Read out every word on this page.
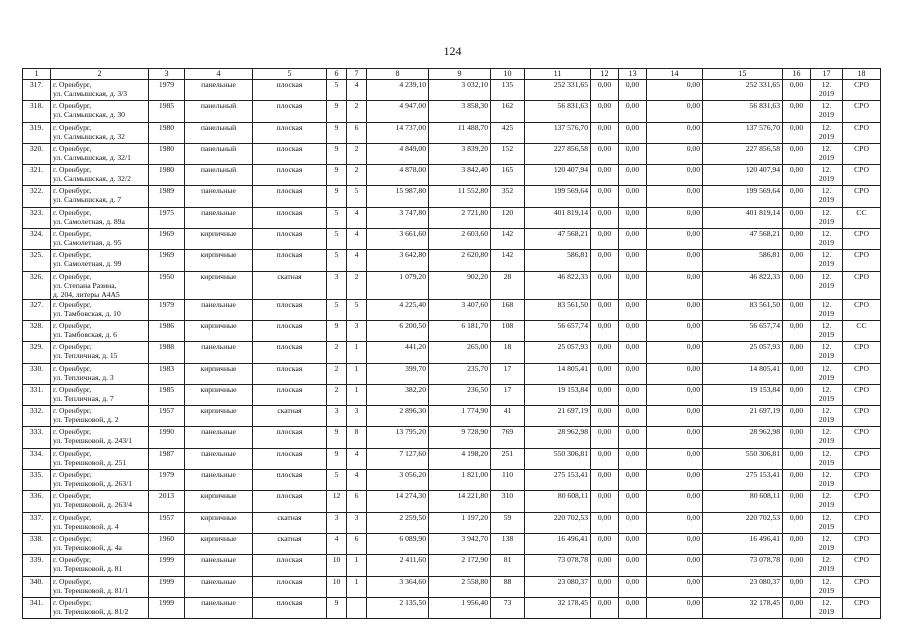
124
1	2	3	4	5	6	7	8	9	10	11	12	13	14	15	16	17	18
317.	г. Оренбург,
ул. Салмышская, д. 3/3	1979	панельные	плоская	5	4	4 239,10	3 032,10	135	252 331,65	0,00	0,00	0,00	252 331,65	0,00	12.
2019	СРО
318.	г. Оренбург,
ул. Салмышская, д. 30	1985	панельный	плоская	9	2	4 947,00	3 858,30	162	56 831,63	0,00	0,00	0,00	56 831,63	0,00	12.
2019	СРО
319.	г. Оренбург,
ул. Салмышская, д. 32	1980	панельный	плоская	9	6	14 737,00	11 488,70	425	137 576,70	0,00	0,00	0,00	137 576,70	0,00	12.
2019	СРО
320.	г. Оренбург,
ул. Салмышская, д. 32/1	1980	панельный	плоская	9	2	4 849,00	3 839,20	152	227 856,58	0,00	0,00	0,00	227 856,58	0,00	12.
2019	СРО
321.	г. Оренбург,
ул. Салмышская, д. 32/2	1980	панельный	плоская	9	2	4 878,00	3 842,40	165	120 407,94	0,00	0,00	0,00	120 407,94	0,00	12.
2019	СРО
322.	г. Оренбург,
ул. Салмышская, д. 7	1989	панельные	плоская	9	5	15 987,80	11 552,80	352	199 569,64	0,00	0,00	0,00	199 569,64	0,00	12.
2019	СРО
323.	г. Оренбург,
ул. Самолетная, д. 89а	1975	панельные	плоская	5	4	3 747,80	2 721,80	120	401 819,14	0,00	0,00	0,00	401 819,14	0,00	12.
2019	СС
324.	г. Оренбург,
ул. Самолетная, д. 95	1969	кирпичные	плоская	5	4	3 661,60	2 603,60	142	47 568,21	0,00	0,00	0,00	47 568,21	0,00	12.
2019	СРО
325.	г. Оренбург,
ул. Самолетная, д. 99	1969	кирпичные	плоская	5	4	3 642,80	2 620,80	142	586,81	0,00	0,00	0,00	586,81	0,00	12.
2019	СРО
326.	г. Оренбург,
ул. Степана Разина,
д. 204, литеры А4А5	1950	кирпичные	скатная	3	2	1 079,20	902,20	28	46 822,33	0,00	0,00	0,00	46 822,33	0,00	12.
2019	СРО
327.	г. Оренбург,
ул. Тамбовская, д. 10	1979	панельные	плоская	5	5	4 225,40	3 407,60	168	83 561,50	0,00	0,00	0,00	83 561,50	0,00	12.
2019	СРО
328.	г. Оренбург,
ул. Тамбовская, д. 6	1986	кирпичные	плоская	9	3	6 200,50	6 181,70	108	56 657,74	0,00	0,00	0,00	56 657,74	0,00	12.
2019	СС
329.	г. Оренбург,
ул. Тепличная, д. 15	1988	панельные	плоская	2	1	441,20	265,00	18	25 057,93	0,00	0,00	0,00	25 057,93	0,00	12.
2019	СРО
330.	г. Оренбург,
ул. Тепличная, д. 3	1983	кирпичные	плоская	2	1	399,70	235,70	17	14 805,41	0,00	0,00	0,00	14 805,41	0,00	12.
2019	СРО
331.	г. Оренбург,
ул. Тепличная, д. 7	1985	кирпичные	плоская	2	1	382,20	236,50	17	19 153,84	0,00	0,00	0,00	19 153,84	0,00	12.
2019	СРО
332.	г. Оренбург,
ул. Терешковой, д. 2	1957	кирпичные	скатная	3	3	2 896,30	1 774,90	41	21 697,19	0,00	0,00	0,00	21 697,19	0,00	12.
2019	СРО
333.	г. Оренбург,
ул. Терешковой, д. 243/1	1990	панельные	плоская	9	8	13 795,20	9 728,90	769	28 962,98	0,00	0,00	0,00	28 962,98	0,00	12.
2019	СРО
334.	г. Оренбург,
ул. Терешковой, д. 251	1987	панельные	плоская	9	4	7 127,60	4 198,20	251	550 306,81	0,00	0,00	0,00	550 306,81	0,00	12.
2019	СРО
335.	г. Оренбург,
ул. Терешковой, д. 263/1	1979	панельные	плоская	5	4	3 056,20	1 821,00	110	275 153,41	0,00	0,00	0,00	275 153,41	0,00	12.
2019	СРО
336.	г. Оренбург,
ул. Терешковой, д. 263/4	2013	кирпичные	плоская	12	6	14 274,30	14 221,80	310	80 608,11	0,00	0,00	0,00	80 608,11	0,00	12.
2019	СРО
337.	г. Оренбург,
ул. Терешковой, д. 4	1957	кирпичные	скатная	3	3	2 259,50	1 197,20	59	220 702,53	0,00	0,00	0,00	220 702,53	0,00	12.
2019	СРО
338.	г. Оренбург,
ул. Терешковой, д. 4а	1960	кирпичные	скатная	4	6	6 089,90	3 942,70	138	16 496,41	0,00	0,00	0,00	16 496,41	0,00	12.
2019	СРО
339.	г. Оренбург,
ул. Терешковой, д. 81	1999	панельные	плоская	10	1	2 411,60	2 172,90	81	73 078,78	0,00	0,00	0,00	73 078,78	0,00	12.
2019	СРО
340.	г. Оренбург,
ул. Терешковой, д. 81/1	1999	панельные	плоская	10	1	3 364,60	2 558,80	88	23 080,37	0,00	0,00	0,00	23 080,37	0,00	12.
2019	СРО
341.	г. Оренбург,
ул. Терешковой, д. 81/2	1999	панельные	плоская	9		2 135,50	1 956,40	73	32 178,45	0,00	0,00	0,00	32 178,45	0,00	12.
2019	СРО
